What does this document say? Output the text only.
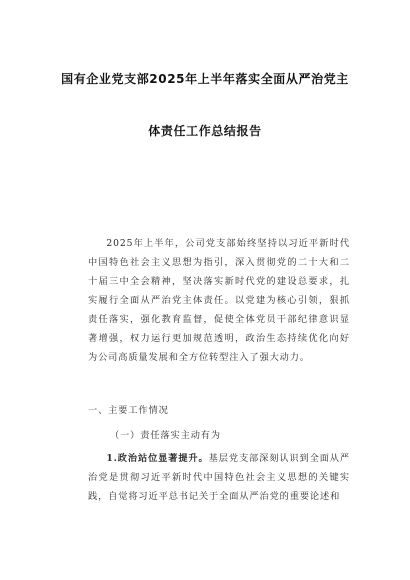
国有企业党支部2025年上半年落实全面从严治党主
体责任工作总结报告
2025年上半年，公司党支部始终坚持以习近平新时代中国特色社会主义思想为指引，深入贯彻党的二十大和二十届三中全会精神，坚决落实新时代党的建设总要求，扎实履行全面从严治党主体责任。以党建为核心引领，狠抓责任落实，强化教育监督，促使全体党员干部纪律意识显著增强，权力运行更加规范透明，政治生态持续优化向好为公司高质量发展和全方位转型注入了强大动力。
一、主要工作情况
（一）责任落实主动有为
1.政治站位显著提升。基层党支部深刻认识到全面从严治党是贯彻习近平新时代中国特色社会主义思想的关键实践，自觉将习近平总书记关于全面从严治党的重要论述和
